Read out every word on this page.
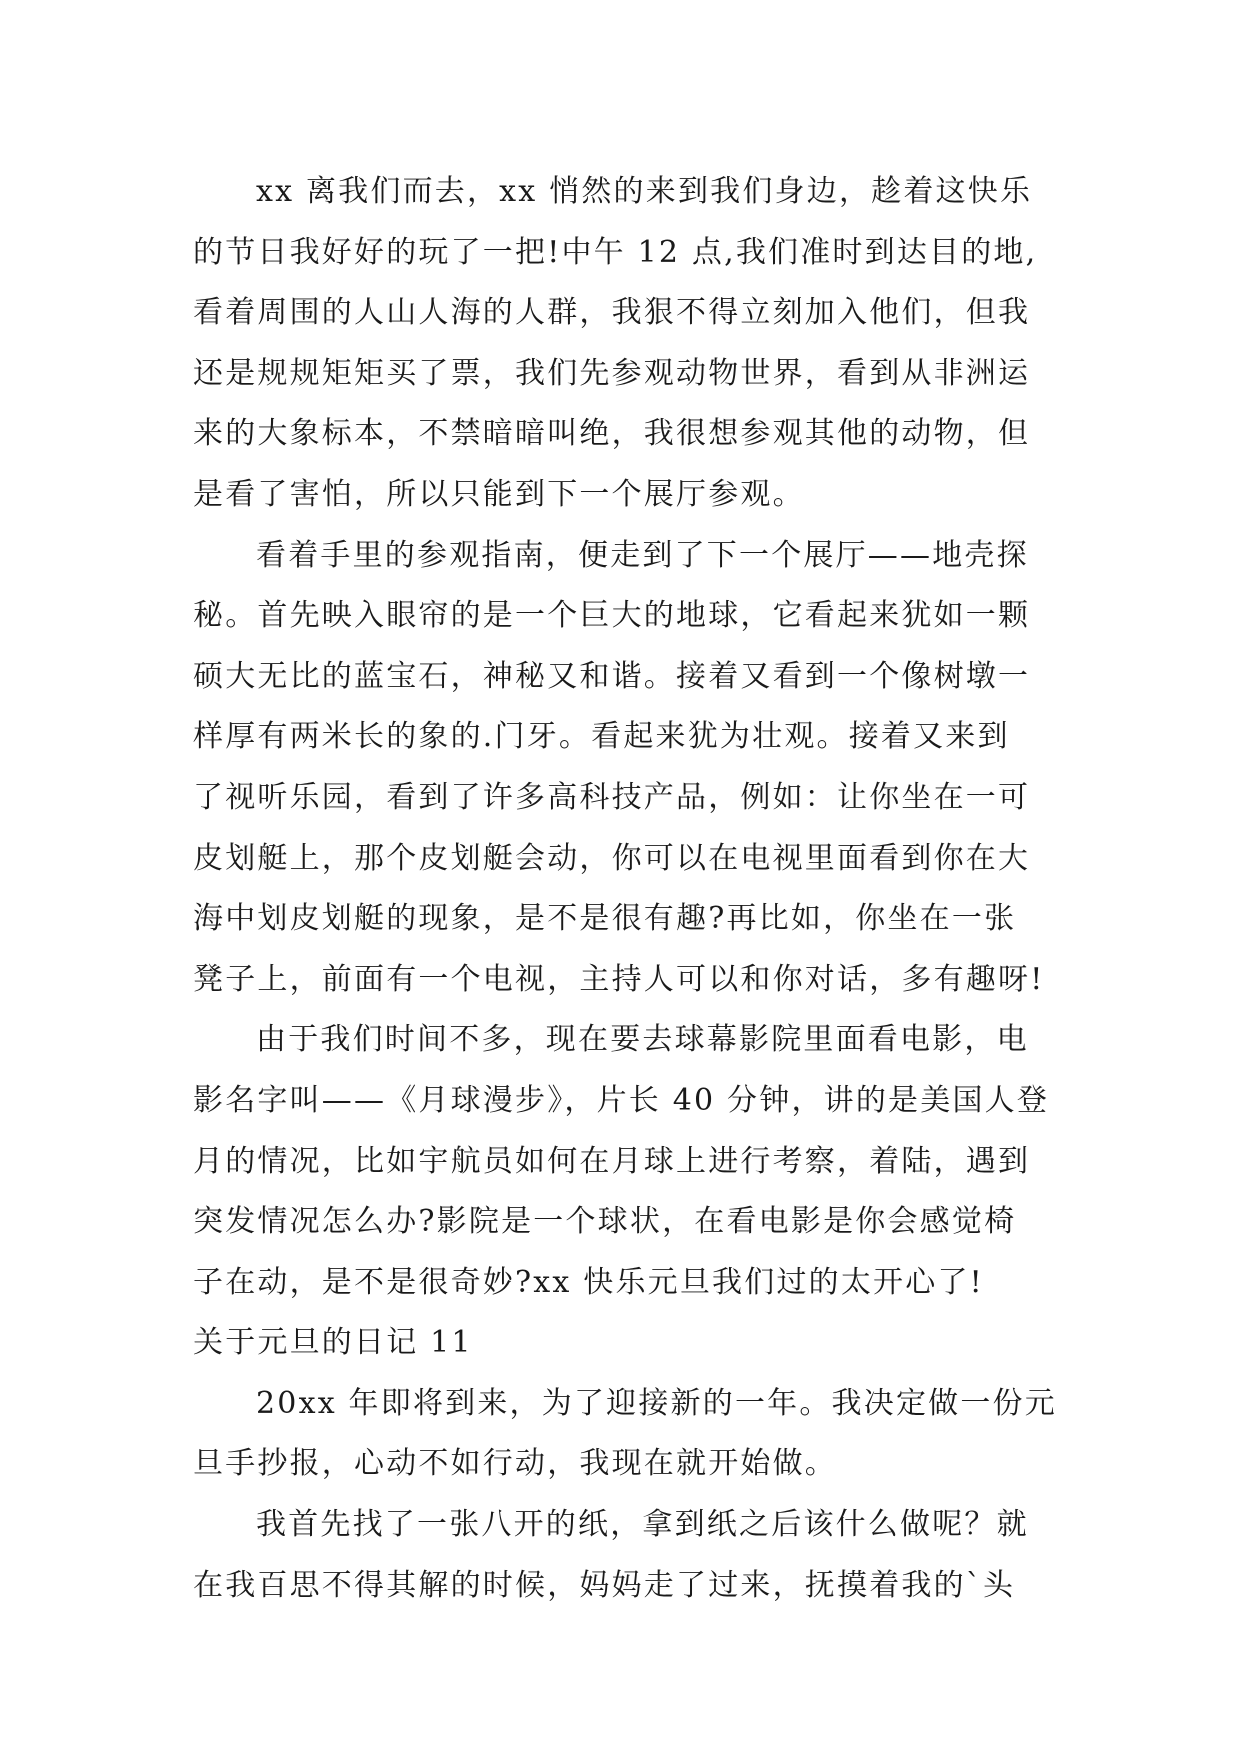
xx 离我们而去，xx 悄然的来到我们身边，趁着这快乐
的节日我好好的玩了一把!中午 12 点,我们准时到达目的地,
看着周围的人山人海的人群，我狠不得立刻加入他们，但我
还是规规矩矩买了票，我们先参观动物世界，看到从非洲运
来的大象标本，不禁暗暗叫绝，我很想参观其他的动物，但
是看了害怕，所以只能到下一个展厅参观。
看着手里的参观指南，便走到了下一个展厅——地壳探
秘。首先映入眼帘的是一个巨大的地球，它看起来犹如一颗
硕大无比的蓝宝石，神秘又和谐。接着又看到一个像树墩一
样厚有两米长的象的.门牙。看起来犹为壮观。接着又来到
了视听乐园，看到了许多高科技产品，例如：让你坐在一可
皮划艇上，那个皮划艇会动，你可以在电视里面看到你在大
海中划皮划艇的现象，是不是很有趣?再比如，你坐在一张
凳子上，前面有一个电视，主持人可以和你对话，多有趣呀!
由于我们时间不多，现在要去球幕影院里面看电影，电
影名字叫——《月球漫步》，片长 40 分钟，讲的是美国人登
月的情况，比如宇航员如何在月球上进行考察，着陆，遇到
突发情况怎么办?影院是一个球状，在看电影是你会感觉椅
子在动，是不是很奇妙?xx 快乐元旦我们过的太开心了!
关于元旦的日记 11
20xx 年即将到来，为了迎接新的一年。我决定做一份元
旦手抄报，心动不如行动，我现在就开始做。
我首先找了一张八开的纸，拿到纸之后该什么做呢？就
在我百思不得其解的时候，妈妈走了过来，抚摸着我的`头
